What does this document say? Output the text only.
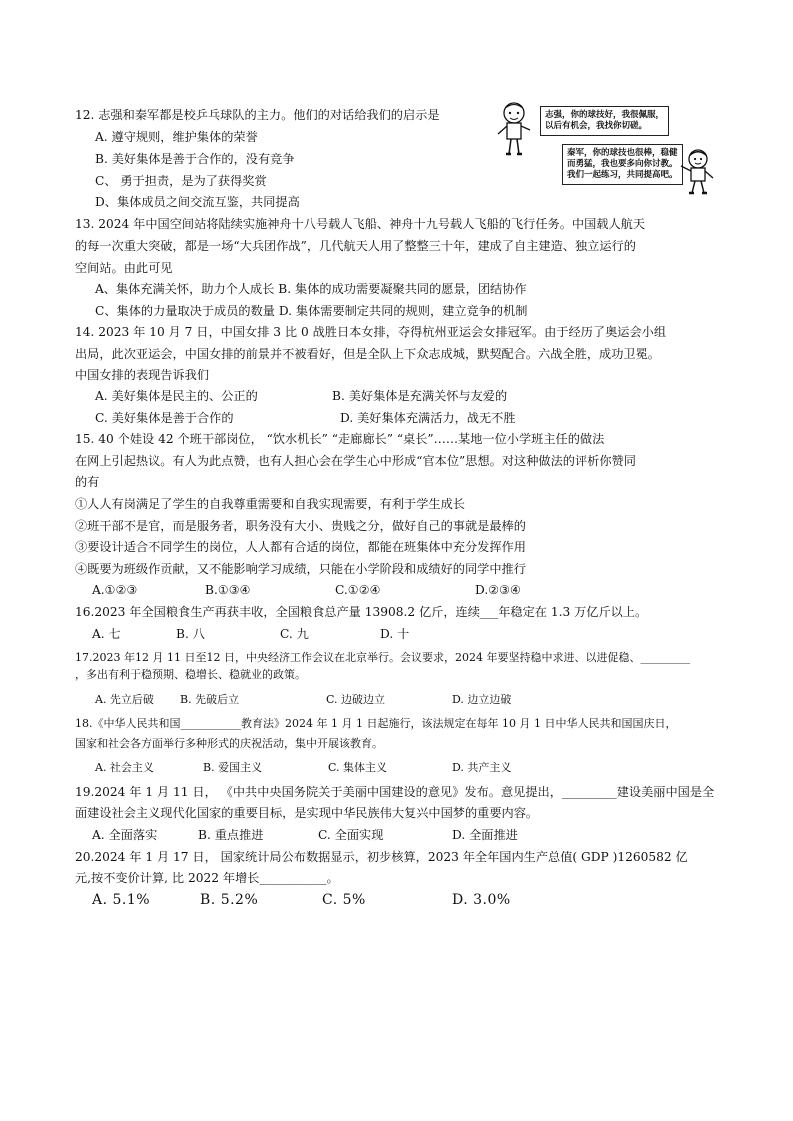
12. 志强和秦军都是校乒乓球队的主力。他们的对话给我们的启示是
A. 遵守规则，维护集体的荣誉
B. 美好集体是善于合作的，没有竞争
C、 勇于担责，是为了获得奖赏
D、集体成员之间交流互鉴，共同提高
志强，你的球技好，我很佩服，
以后有机会，我找你切磋。
秦军，你的球技也很棒，稳健
而勇猛，我也要多向你讨教。
我们一起练习，共同提高吧。
13. 2024 年中国空间站将陆续实施神舟十八号载人飞船、神舟十九号载人飞船的飞行任务。中国载人航天
的每一次重大突破，都是一场“大兵团作战”，几代航天人用了整整三十年，建成了自主建造、独立运行的
空间站。由此可见
A、集体充满关怀，助力个人成长 B. 集体的成功需要凝聚共同的愿景，团结协作
C、集体的力量取决于成员的数量 D. 集体需要制定共同的规则，建立竞争的机制
14. 2023 年 10 月 7 日，中国女排 3 比 0 战胜日本女排，夺得杭州亚运会女排冠军。由于经历了奥运会小组
出局，此次亚运会，中国女排的前景并不被看好，但是全队上下众志成城，默契配合。六战全胜，成功卫冕。
中国女排的表现告诉我们
A. 美好集体是民主的、公正的	B. 美好集体是充满关怀与友爱的
C. 美好集体是善于合作的	D. 美好集体充满活力，战无不胜
15. 40 个娃设 42 个班干部岗位， “饮水机长” “走廊廊长” “桌长”……某地一位小学班主任的做法
在网上引起热议。有人为此点赞，也有人担心会在学生心中形成“官本位”思想。对这种做法的评析你赞同
的有
①人人有岗满足了学生的自我尊重需要和自我实现需要，有利于学生成长
②班干部不是官，而是服务者，职务没有大小、贵贱之分，做好自己的事就是最棒的
③要设计适合不同学生的岗位，人人都有合适的岗位，都能在班集体中充分发挥作用
④既要为班级作贡献，又不能影响学习成绩，只能在小学阶段和成绩好的同学中推行
A.①②③	B.①③④	C.①②④	D.②③④
16.2023 年全国粮食生产再获丰收，全国粮食总产量 13908.2 亿斤，连续___年稳定在 1.3 万亿斤以上。
A. 七	B. 八	C. 九	D. 十
17.2023 年12 月 11 日至12 日，中央经济工作会议在北京举行。会议要求，2024 年要坚持稳中求进、以进促稳、_________
，多出有利于稳预期、稳增长、稳就业的政策。
A. 先立后破 B. 先破后立	C. 边破边立	D. 边立边破
18.《中华人民共和国___________教育法》2024 年 1 月 1 日起施行，该法规定在每年 10 月 1 日中华人民共和国国庆日，
国家和社会各方面举行多种形式的庆祝活动，集中开展该教育。
A. 社会主义	B. 爱国主义	C. 集体主义	D. 共产主义
19.2024 年 1 月 11 日， 《中共中央国务院关于美丽中国建设的意见》发布。意见提出，_________建设美丽中国是全
面建设社会主义现代化国家的重要目标，是实现中华民族伟大复兴中国梦的重要内容。
A. 全面落实	B. 重点推进	C. 全面实现	D. 全面推进
20.2024 年 1 月 17 日， 国家统计局公布数据显示，初步核算，2023 年全年国内生产总值( GDP )1260582 亿
元,按不变价计算, 比 2022 年增长___________。
A. 5.1%	B. 5.2%	C. 5%	D. 3.0%
